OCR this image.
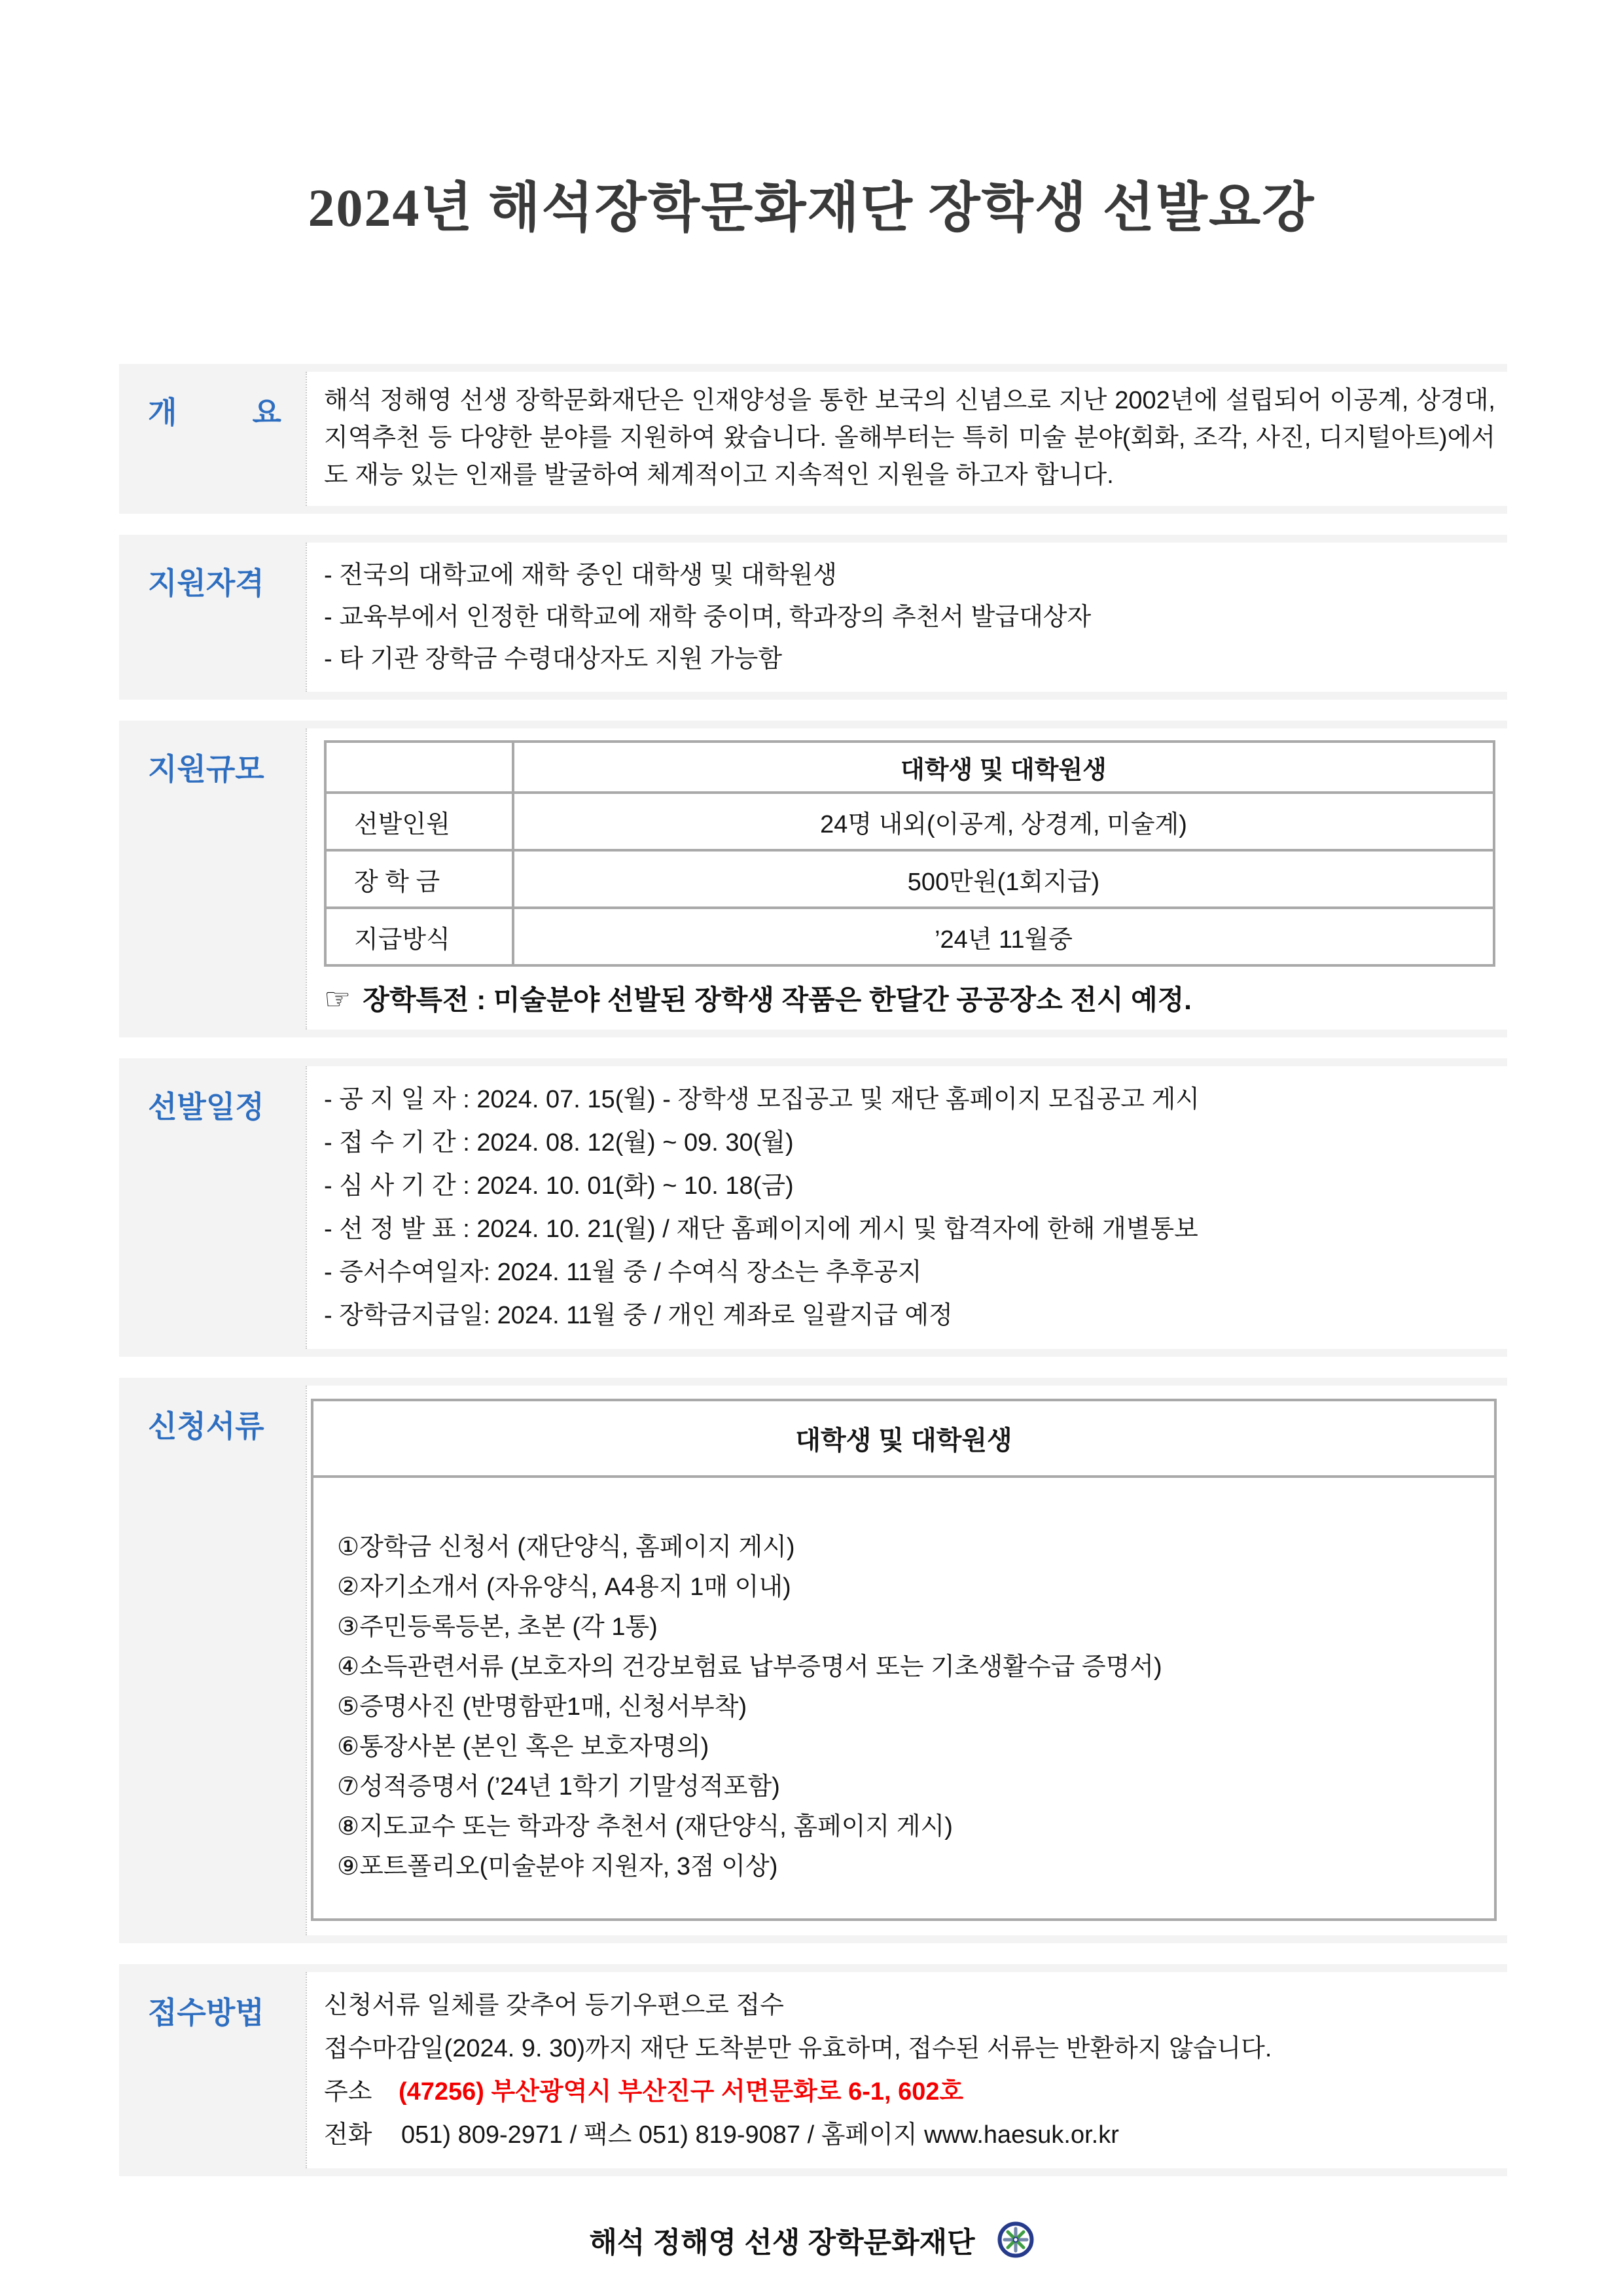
2024년 해석장학문화재단 장학생 선발요강
개         요	해석 정해영 선생 장학문화재단은 인재양성을 통한 보국의 신념으로 지난 2002년에 설립되어 이공계, 상경대, 지역추천 등 다양한 분야를 지원하여 왔습니다. 올해부터는 특히 미술 분야(회화, 조각, 사진, 디지털아트)에서도 재능 있는 인재를 발굴하여 체계적이고 지속적인 지원을 하고자 합니다.
지원자격	- 전국의 대학교에 재학 중인 대학생 및 대학원생
- 교육부에서 인정한 대학교에 재학 중이며, 학과장의 추천서 발급대상자
- 타 기관 장학금 수령대상자도 지원 가능함
지원규모
		대학생 및 대학원생
선발인원	24명 내외(이공계, 상경계, 미술계)
장 학 금	500만원(1회지급)
지급방식	’24년 11월중
☞ 장학특전 : 미술분야 선발된 장학생 작품은 한달간 공공장소 전시 예정.
선발일정	- 공 지 일 자 : 2024. 07. 15(월) - 장학생 모집공고 및 재단 홈페이지 모집공고 게시
- 접 수 기 간 : 2024. 08. 12(월) ~ 09. 30(월)
- 심 사 기 간 : 2024. 10. 01(화) ~ 10. 18(금)
- 선 정 발 표 : 2024. 10. 21(월) / 재단 홈페이지에 게시 및 합격자에 한해 개별통보
- 증서수여일자: 2024. 11월 중 / 수여식 장소는 추후공지
- 장학금지급일: 2024. 11월 중 / 개인 계좌로 일괄지급 예정
신청서류	대학생 및 대학원생
①장학금 신청서 (재단양식, 홈페이지 게시)
②자기소개서 (자유양식, A4용지 1매 이내)
③주민등록등본, 초본 (각 1통)
④소득관련서류 (보호자의 건강보험료 납부증명서 또는 기초생활수급 증명서)
⑤증명사진 (반명함판1매, 신청서부착)
⑥통장사본 (본인 혹은 보호자명의)
⑦성적증명서 (’24년 1학기 기말성적포함)
⑧지도교수 또는 학과장 추천서 (재단양식, 홈페이지 게시)
⑨포트폴리오(미술분야 지원자, 3점 이상)
접수방법	신청서류 일체를 갖추어 등기우편으로 접수
접수마감일(2024. 9. 30)까지 재단 도착분만 유효하며, 접수된 서류는 반환하지 않습니다.
주소 (47256) 부산광역시 부산진구 서면문화로 6-1, 602호
전화 051) 809-2971 / 팩스 051) 819-9087 / 홈페이지 www.haesuk.or.kr
해석 정해영 선생 장학문화재단
